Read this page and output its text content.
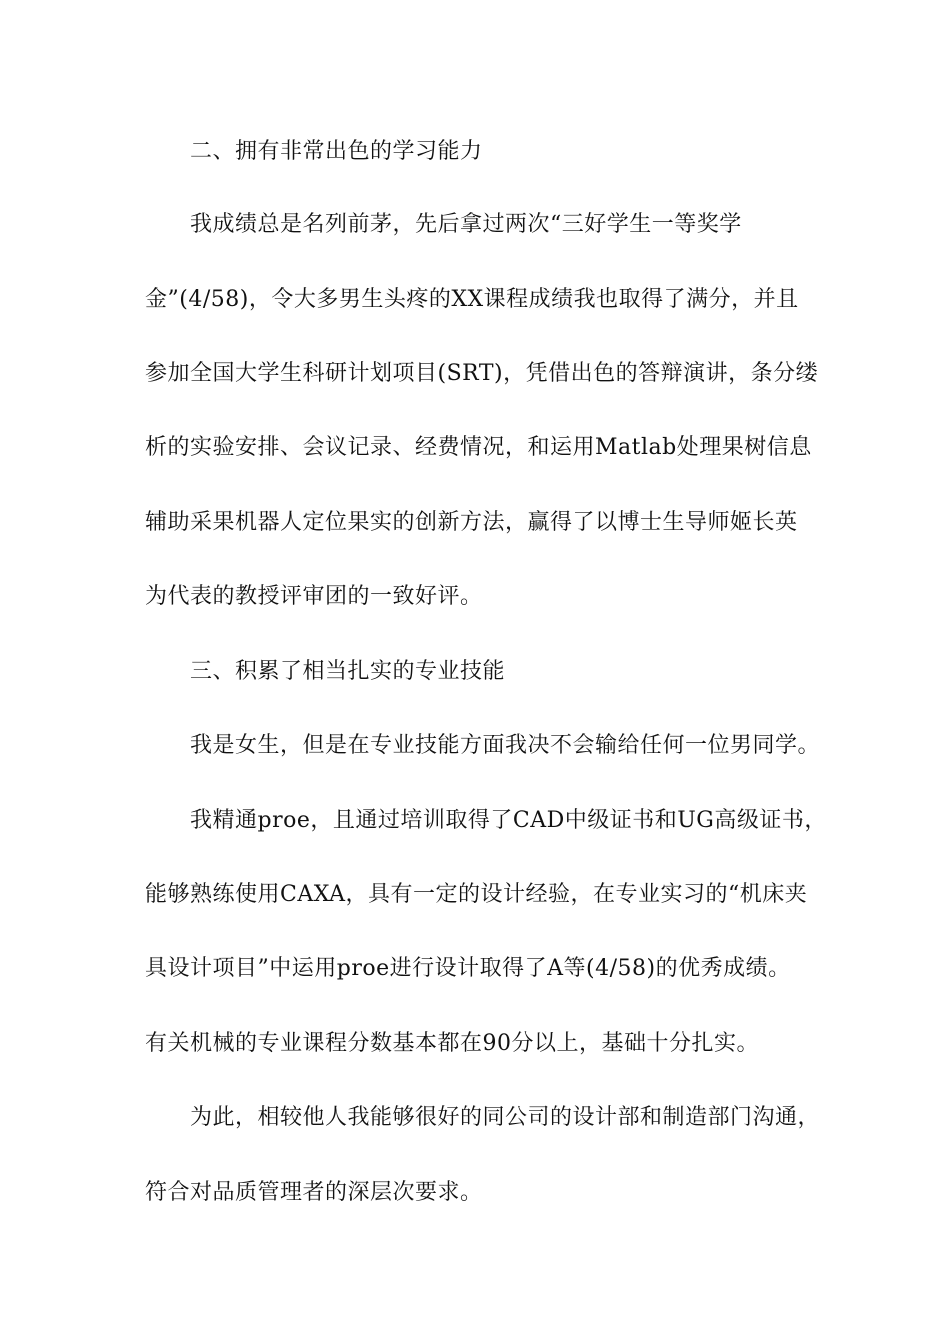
二、拥有非常出色的学习能力
我成绩总是名列前茅，先后拿过两次“三好学生一等奖学
金”(4/58)，令大多男生头疼的XX课程成绩我也取得了满分，并且
参加全国大学生科研计划项目(SRT)，凭借出色的答辩演讲，条分缕
析的实验安排、会议记录、经费情况，和运用Matlab处理果树信息
辅助采果机器人定位果实的创新方法，赢得了以博士生导师姬长英
为代表的教授评审团的一致好评。
三、积累了相当扎实的专业技能
我是女生，但是在专业技能方面我决不会输给任何一位男同学。
我精通proe，且通过培训取得了CAD中级证书和UG高级证书，
能够熟练使用CAXA，具有一定的设计经验，在专业实习的“机床夹
具设计项目”中运用proe进行设计取得了A等(4/58)的优秀成绩。
有关机械的专业课程分数基本都在90分以上，基础十分扎实。
为此，相较他人我能够很好的同公司的设计部和制造部门沟通，
符合对品质管理者的深层次要求。
